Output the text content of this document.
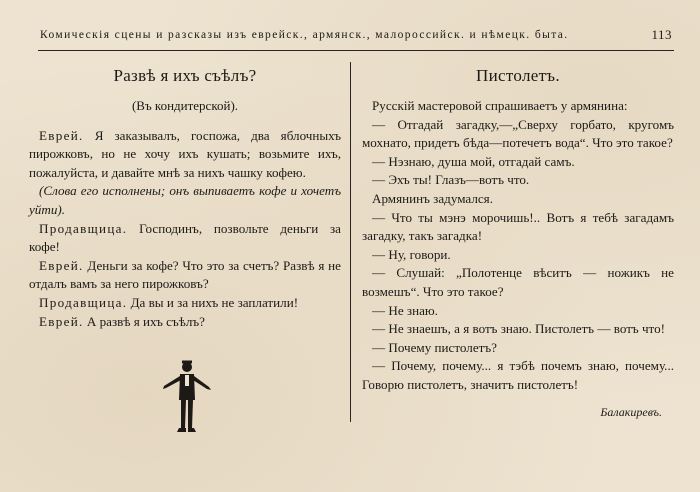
Комическія сцены и разсказы изъ еврейск., армянск., малороссийск. и нѣмецк. быта.	113
Развѣ я ихъ съѣлъ?
(Въ кондитерской).

Еврей. Я заказывалъ, госпожа, два яблочныхъ пирожковъ, но не хочу ихъ кушать; возьмите ихъ, пожалуйста, и давайте мнѣ за нихъ чашку кофею.

(Слова его исполнены; онъ выпиваетъ кофе и хочетъ уйти).

Продавщица. Господинъ, позвольте деньги за кофе!

Еврей. Деньги за кофе? Что это за счетъ? Развѣ я не отдалъ вамъ за него пирожковъ?

Продавщица. Да вы и за нихъ не заплатили!

Еврей. А развѣ я ихъ съѣлъ?

Пистолетъ.

Русскій мастеровой спрашиваетъ у армянина:

— Отгадай загадку,—„Сверху горбато, кругомъ мохнато, придетъ бѣда—потечетъ вода“. Что это такое?

— Нэзнаю, душа мой, отгадай самъ.

— Эхъ ты! Глазъ—вотъ что.

Армянинъ задумался.

— Что ты мэнэ морочишь!.. Вотъ я тебѣ загадамъ загадку, такъ загадка!

— Ну, говори.

— Слушай: „Полотенце вѣситъ — ножикъ не возмешъ“. Что это такое?

— Не знаю.

— Не знаешъ, а я вотъ знаю. Пистолетъ — вотъ что!

— Почему пистолетъ?

— Почему, почему... я тэбѣ почемъ знаю, почему... Говорю пистолетъ, значитъ пистолетъ!

Балакиревъ.
